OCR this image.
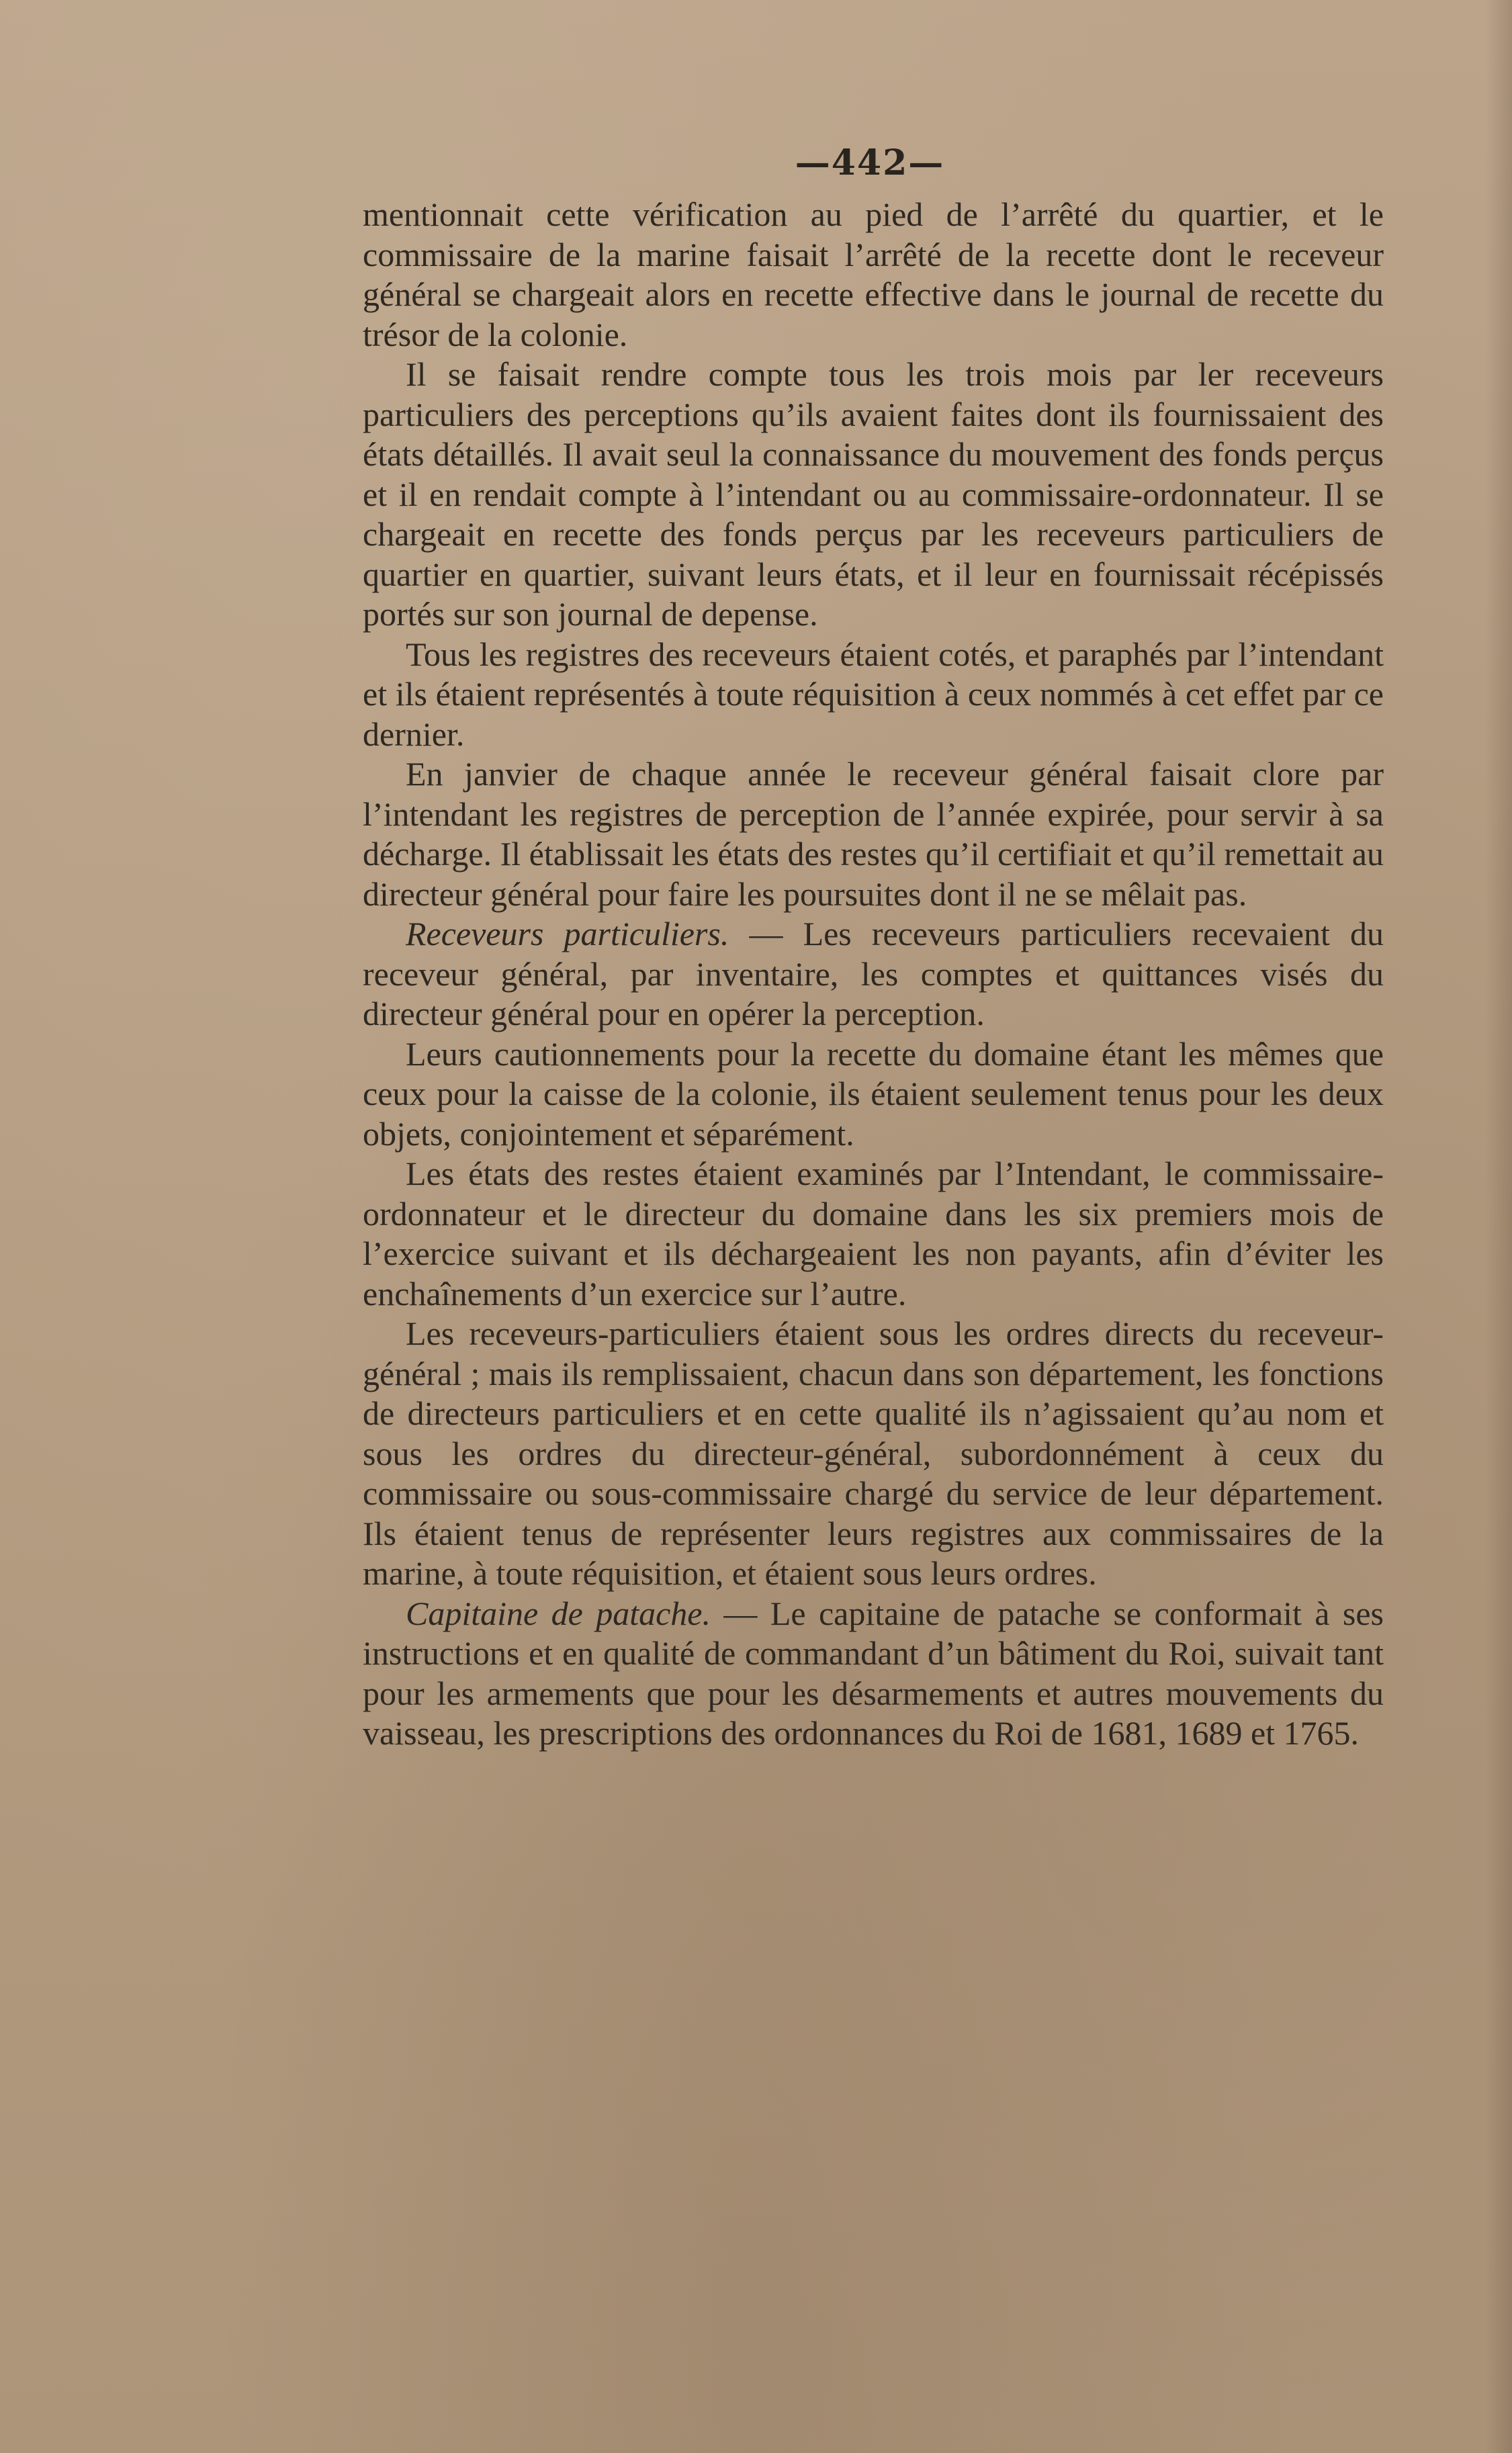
—442—

mentionnait cette vérification au pied de l’arrêté du quartier, et le commissaire de la marine faisait l’arrêté de la recette dont le receveur général se chargeait alors en recette effective dans le journal de recette du trésor de la colonie.

Il se faisait rendre compte tous les trois mois par ler receveurs particuliers des perceptions qu’ils avaient faites dont ils fournissaient des états détaillés. Il avait seul la connaissance du mouvement des fonds perçus et il en rendait compte à l’intendant ou au commissaire-ordonnateur. Il se chargeait en recette des fonds perçus par les receveurs particuliers de quartier en quartier, suivant leurs états, et il leur en fournissait récépissés portés sur son journal de depense.

Tous les registres des receveurs étaient cotés, et paraphés par l’intendant et ils étaient représentés à toute réquisition à ceux nommés à cet effet par ce dernier.

En janvier de chaque année le receveur général faisait clore par l’intendant les registres de perception de l’année expirée, pour servir à sa décharge. Il établissait les états des restes qu’il certifiait et qu’il remettait au directeur général pour faire les poursuites dont il ne se mêlait pas.

Receveurs particuliers. — Les receveurs particuliers recevaient du receveur général, par inventaire, les comptes et quittances visés du directeur général pour en opérer la perception.

Leurs cautionnements pour la recette du domaine étant les mêmes que ceux pour la caisse de la colonie, ils étaient seulement tenus pour les deux objets, conjointement et séparément.

Les états des restes étaient examinés par l’Intendant, le commissaire-ordonnateur et le directeur du domaine dans les six premiers mois de l’exercice suivant et ils déchargeaient les non payants, afin d’éviter les enchaînements d’un exercice sur l’autre.

Les receveurs-particuliers étaient sous les ordres directs du receveur-général ; mais ils remplissaient, chacun dans son département, les fonctions de directeurs particuliers et en cette qualité ils n’agissaient qu’au nom et sous les ordres du directeur-général, subordonnément à ceux du commissaire ou sous-commissaire chargé du service de leur département. Ils étaient tenus de représenter leurs registres aux commissaires de la marine, à toute réquisition, et étaient sous leurs ordres.

Capitaine de patache. — Le capitaine de patache se conformait à ses instructions et en qualité de commandant d’un bâtiment du Roi, suivait tant pour les armements que pour les désarmements et autres mouvements du vaisseau, les prescriptions des ordonnances du Roi de 1681, 1689 et 1765.
